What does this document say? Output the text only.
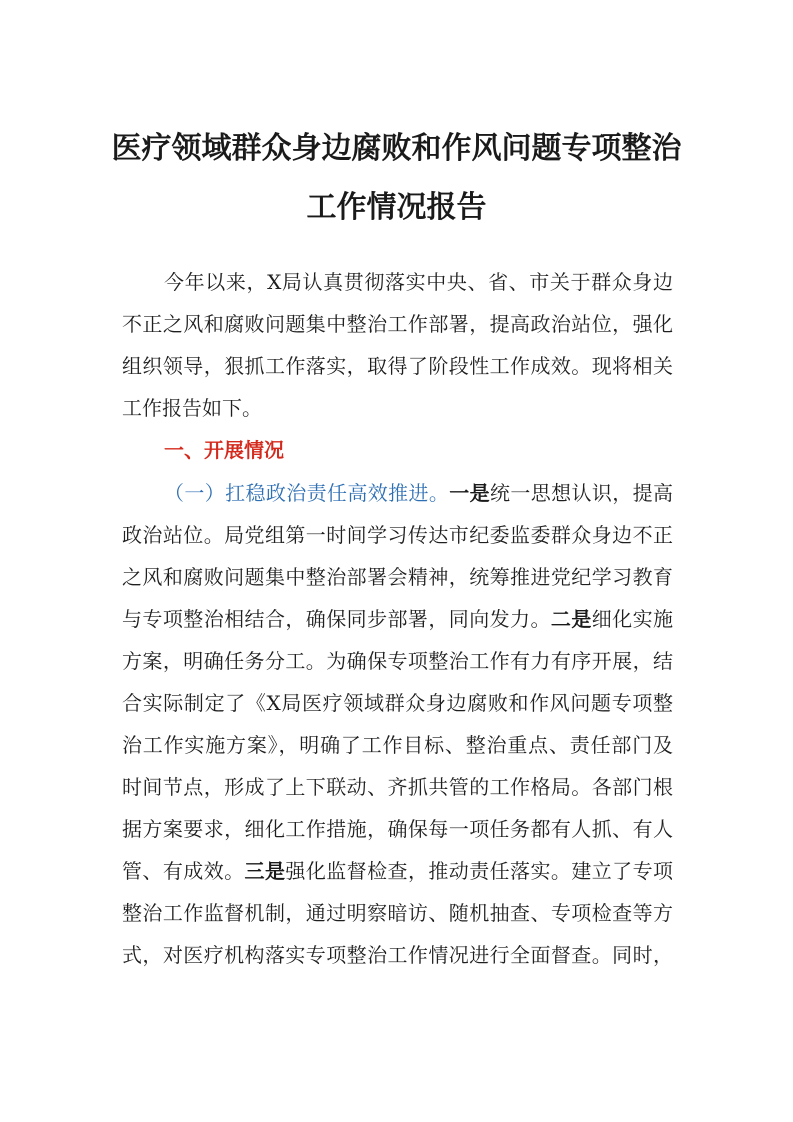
医疗领域群众身边腐败和作风问题专项整治
工作情况报告
今年以来，X局认真贯彻落实中央、省、市关于群众身边
不正之风和腐败问题集中整治工作部署，提高政治站位，强化
组织领导，狠抓工作落实，取得了阶段性工作成效。现将相关
工作报告如下。
一、开展情况
（一）扛稳政治责任高效推进。一是统一思想认识，提高
政治站位。局党组第一时间学习传达市纪委监委群众身边不正
之风和腐败问题集中整治部署会精神，统筹推进党纪学习教育
与专项整治相结合，确保同步部署，同向发力。二是细化实施
方案，明确任务分工。为确保专项整治工作有力有序开展，结
合实际制定了《X局医疗领域群众身边腐败和作风问题专项整
治工作实施方案》，明确了工作目标、整治重点、责任部门及
时间节点，形成了上下联动、齐抓共管的工作格局。各部门根
据方案要求，细化工作措施，确保每一项任务都有人抓、有人
管、有成效。三是强化监督检查，推动责任落实。建立了专项
整治工作监督机制，通过明察暗访、随机抽查、专项检查等方
式，对医疗机构落实专项整治工作情况进行全面督查。同时，
